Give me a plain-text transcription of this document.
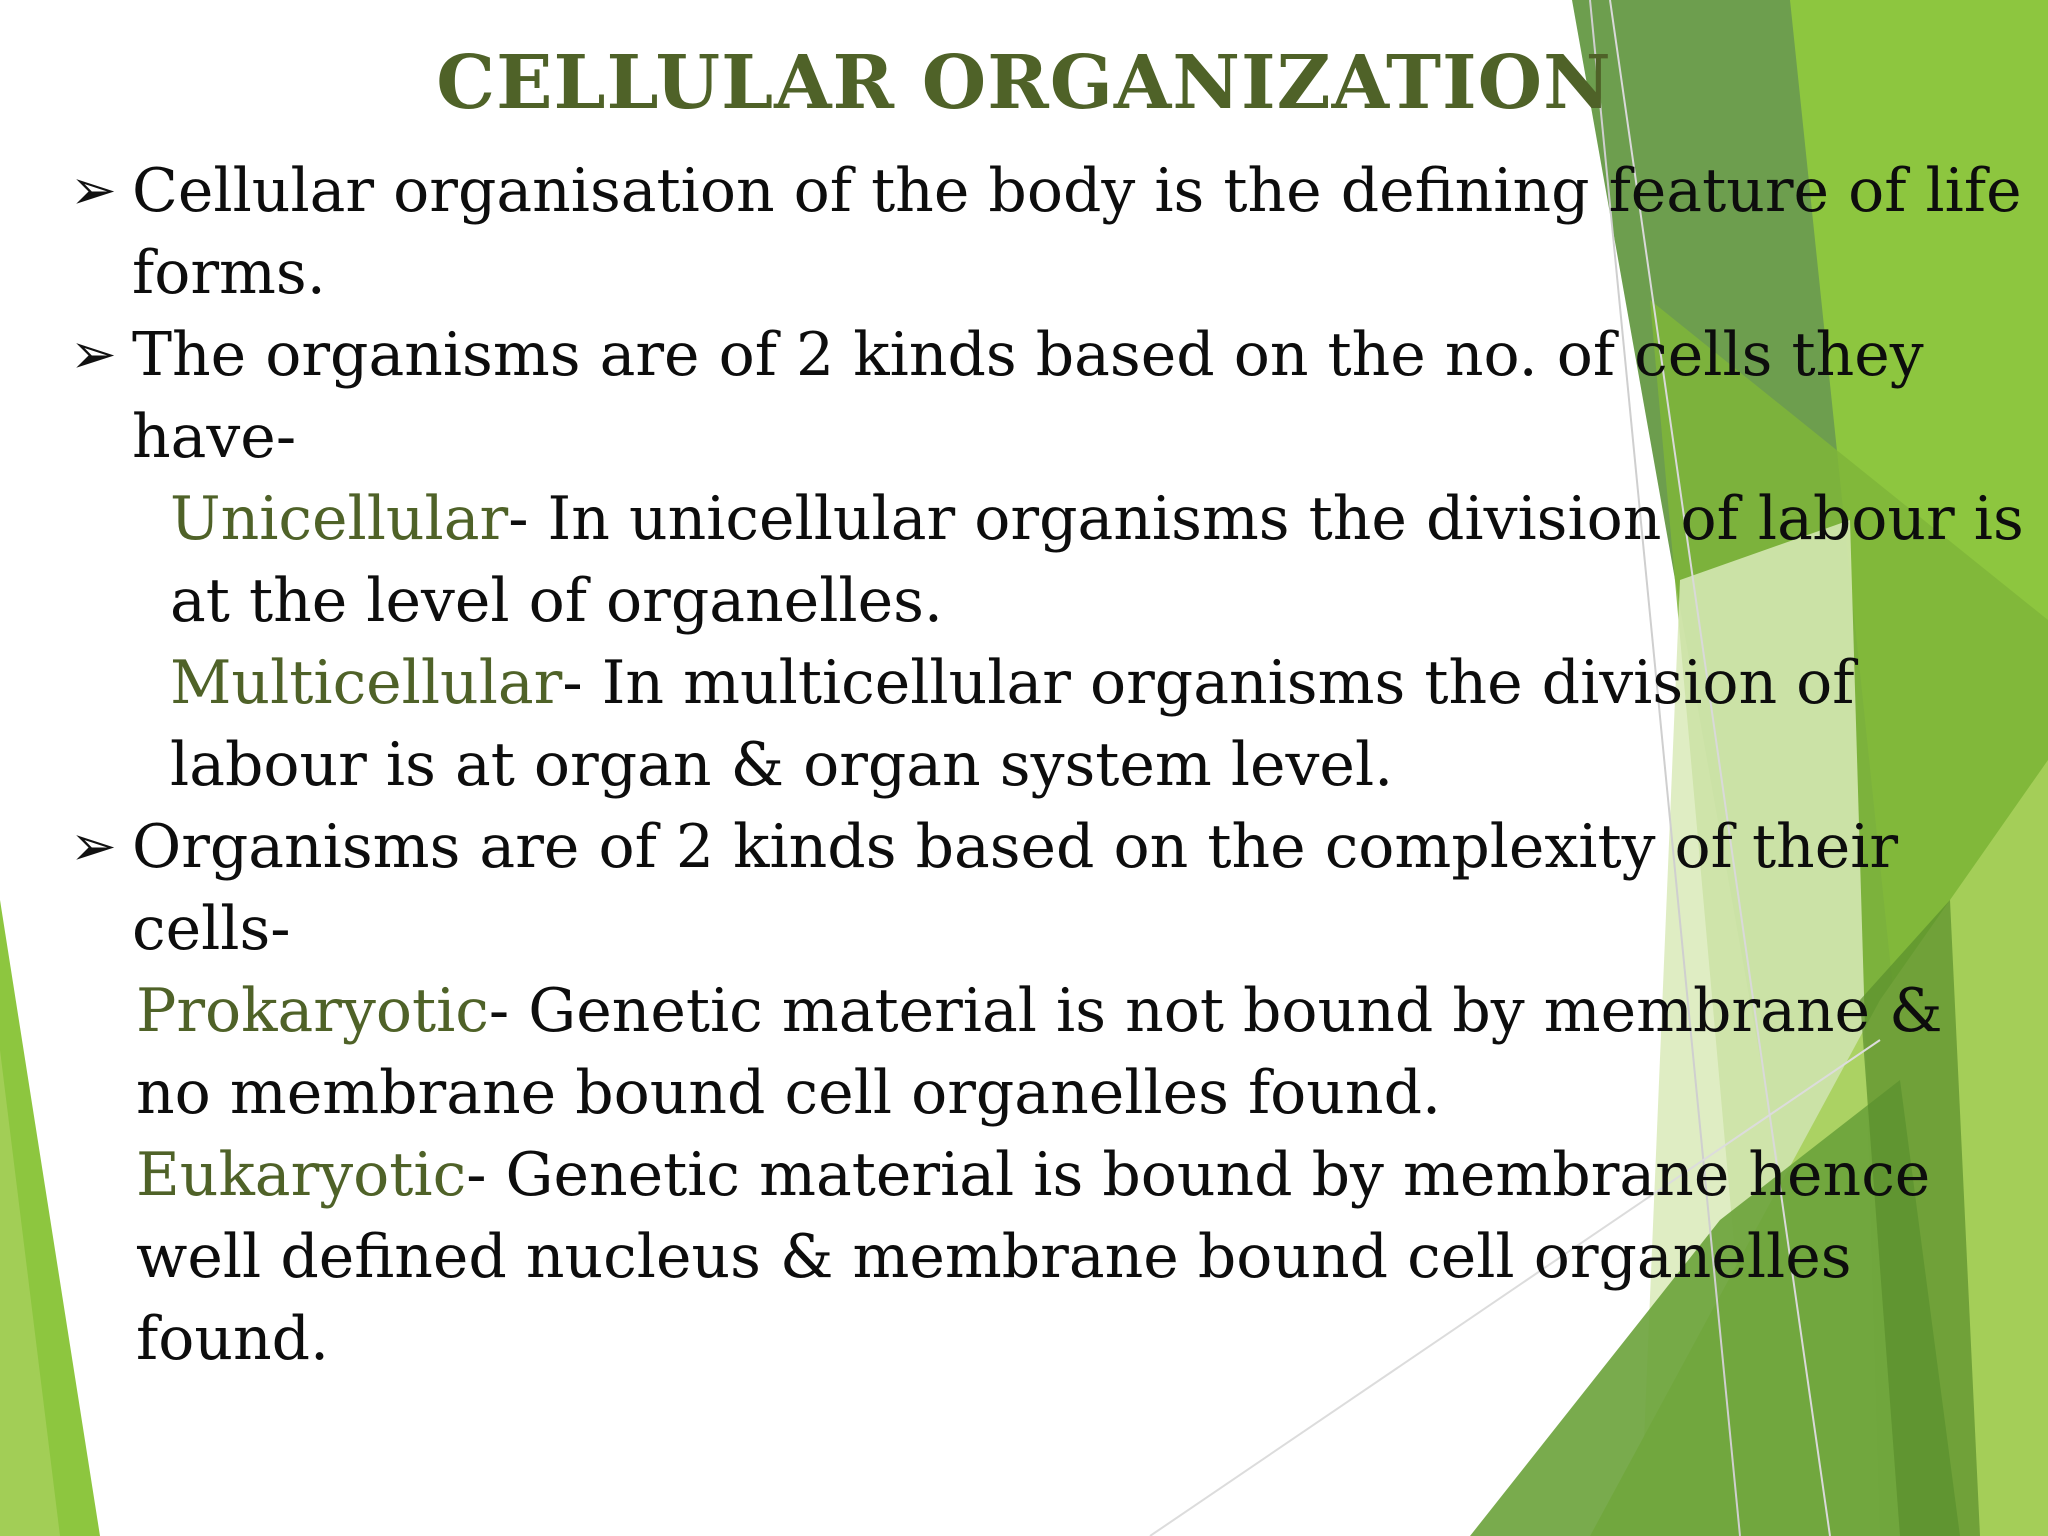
CELLULAR ORGANIZATION

➢ Cellular organisation of the body is the defining feature of life forms.

➢ The organisms are of 2 kinds based on the no. of cells they have-

Unicellular- In unicellular organisms the division of labour is at the level of organelles.

Multicellular- In multicellular organisms the division of labour is at organ & organ system level.

➢ Organisms are of 2 kinds based on the complexity of their cells-

Prokaryotic- Genetic material is not bound by membrane & no membrane bound cell organelles found.

Eukaryotic- Genetic material is bound by membrane hence well defined nucleus & membrane bound cell organelles found.
